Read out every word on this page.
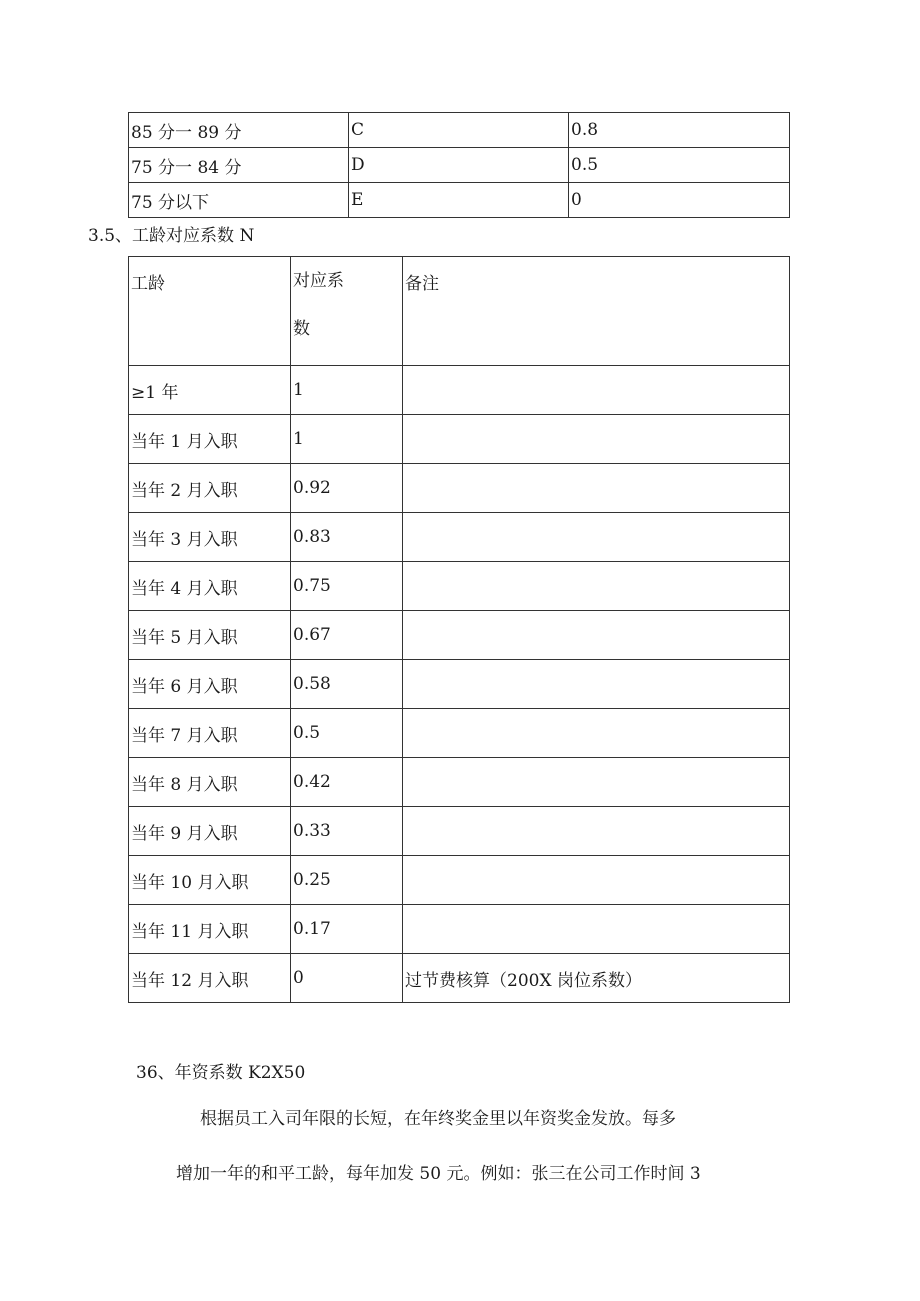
85 分一 89 分	C	0.8
75 分一 84 分	D	0.5
75 分以下	E	0
3.5、工龄对应系数 N
工龄	对应系数	备注
≥1 年	1	
当年 1 月入职	1	
当年 2 月入职	0.92	
当年 3 月入职	0.83	
当年 4 月入职	0.75	
当年 5 月入职	0.67	
当年 6 月入职	0.58	
当年 7 月入职	0.5	
当年 8 月入职	0.42	
当年 9 月入职	0.33	
当年 10 月入职	0.25	
当年 11 月入职	0.17	
当年 12 月入职	0	过节费核算（200X 岗位系数）
36、年资系数 K2X50
根据员工入司年限的长短，在年终奖金里以年资奖金发放。每多
增加一年的和平工龄，每年加发 50 元。例如：张三在公司工作时间 3
